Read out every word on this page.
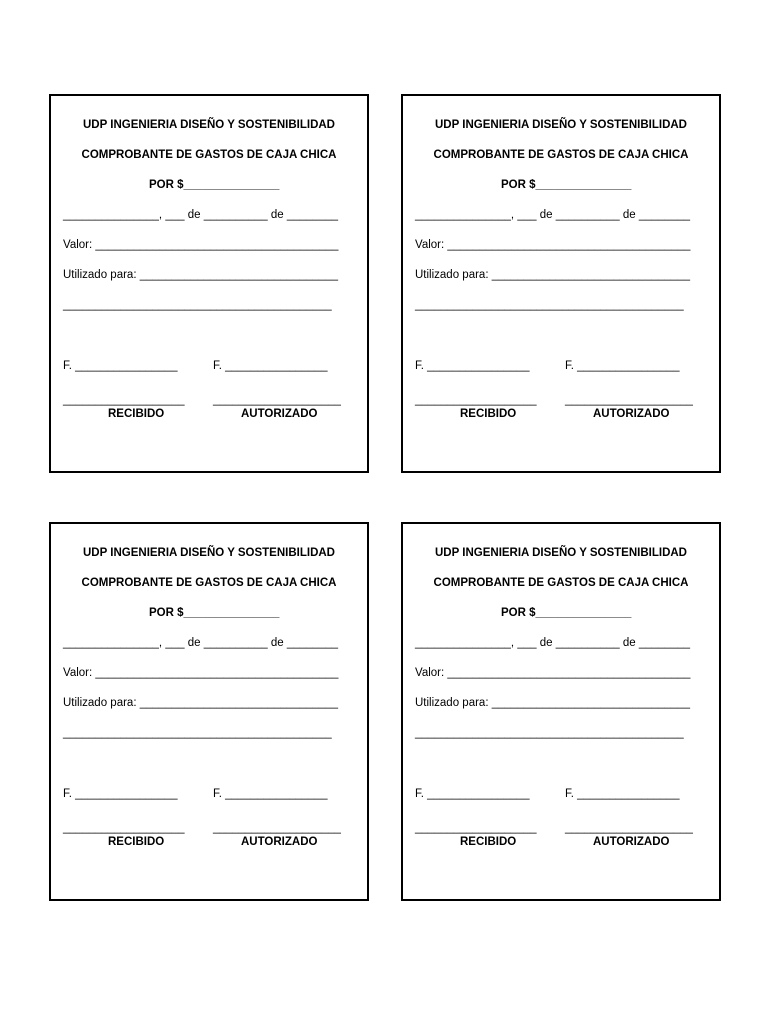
UDP INGENIERIA DISEÑO Y SOSTENIBILIDAD
COMPROBANTE DE GASTOS DE CAJA CHICA
POR $_______________
_______________, ___ de __________ de ________
Valor: ______________________________________
Utilizado para: _______________________________
__________________________________________
F. ________________	F. ________________
___________________ ____________________
RECIBIDO	AUTORIZADO
UDP INGENIERIA DISEÑO Y SOSTENIBILIDAD
COMPROBANTE DE GASTOS DE CAJA CHICA
POR $_______________
_______________, ___ de __________ de ________
Valor: ______________________________________
Utilizado para: _______________________________
__________________________________________
F. ________________	F. ________________
___________________ ____________________
RECIBIDO	AUTORIZADO
UDP INGENIERIA DISEÑO Y SOSTENIBILIDAD
COMPROBANTE DE GASTOS DE CAJA CHICA
POR $_______________
_______________, ___ de __________ de ________
Valor: ______________________________________
Utilizado para: _______________________________
__________________________________________
F. ________________	F. ________________
___________________ ____________________
RECIBIDO	AUTORIZADO
UDP INGENIERIA DISEÑO Y SOSTENIBILIDAD
COMPROBANTE DE GASTOS DE CAJA CHICA
POR $_______________
_______________, ___ de __________ de ________
Valor: ______________________________________
Utilizado para: _______________________________
__________________________________________
F. ________________	F. ________________
___________________ ____________________
RECIBIDO	AUTORIZADO
